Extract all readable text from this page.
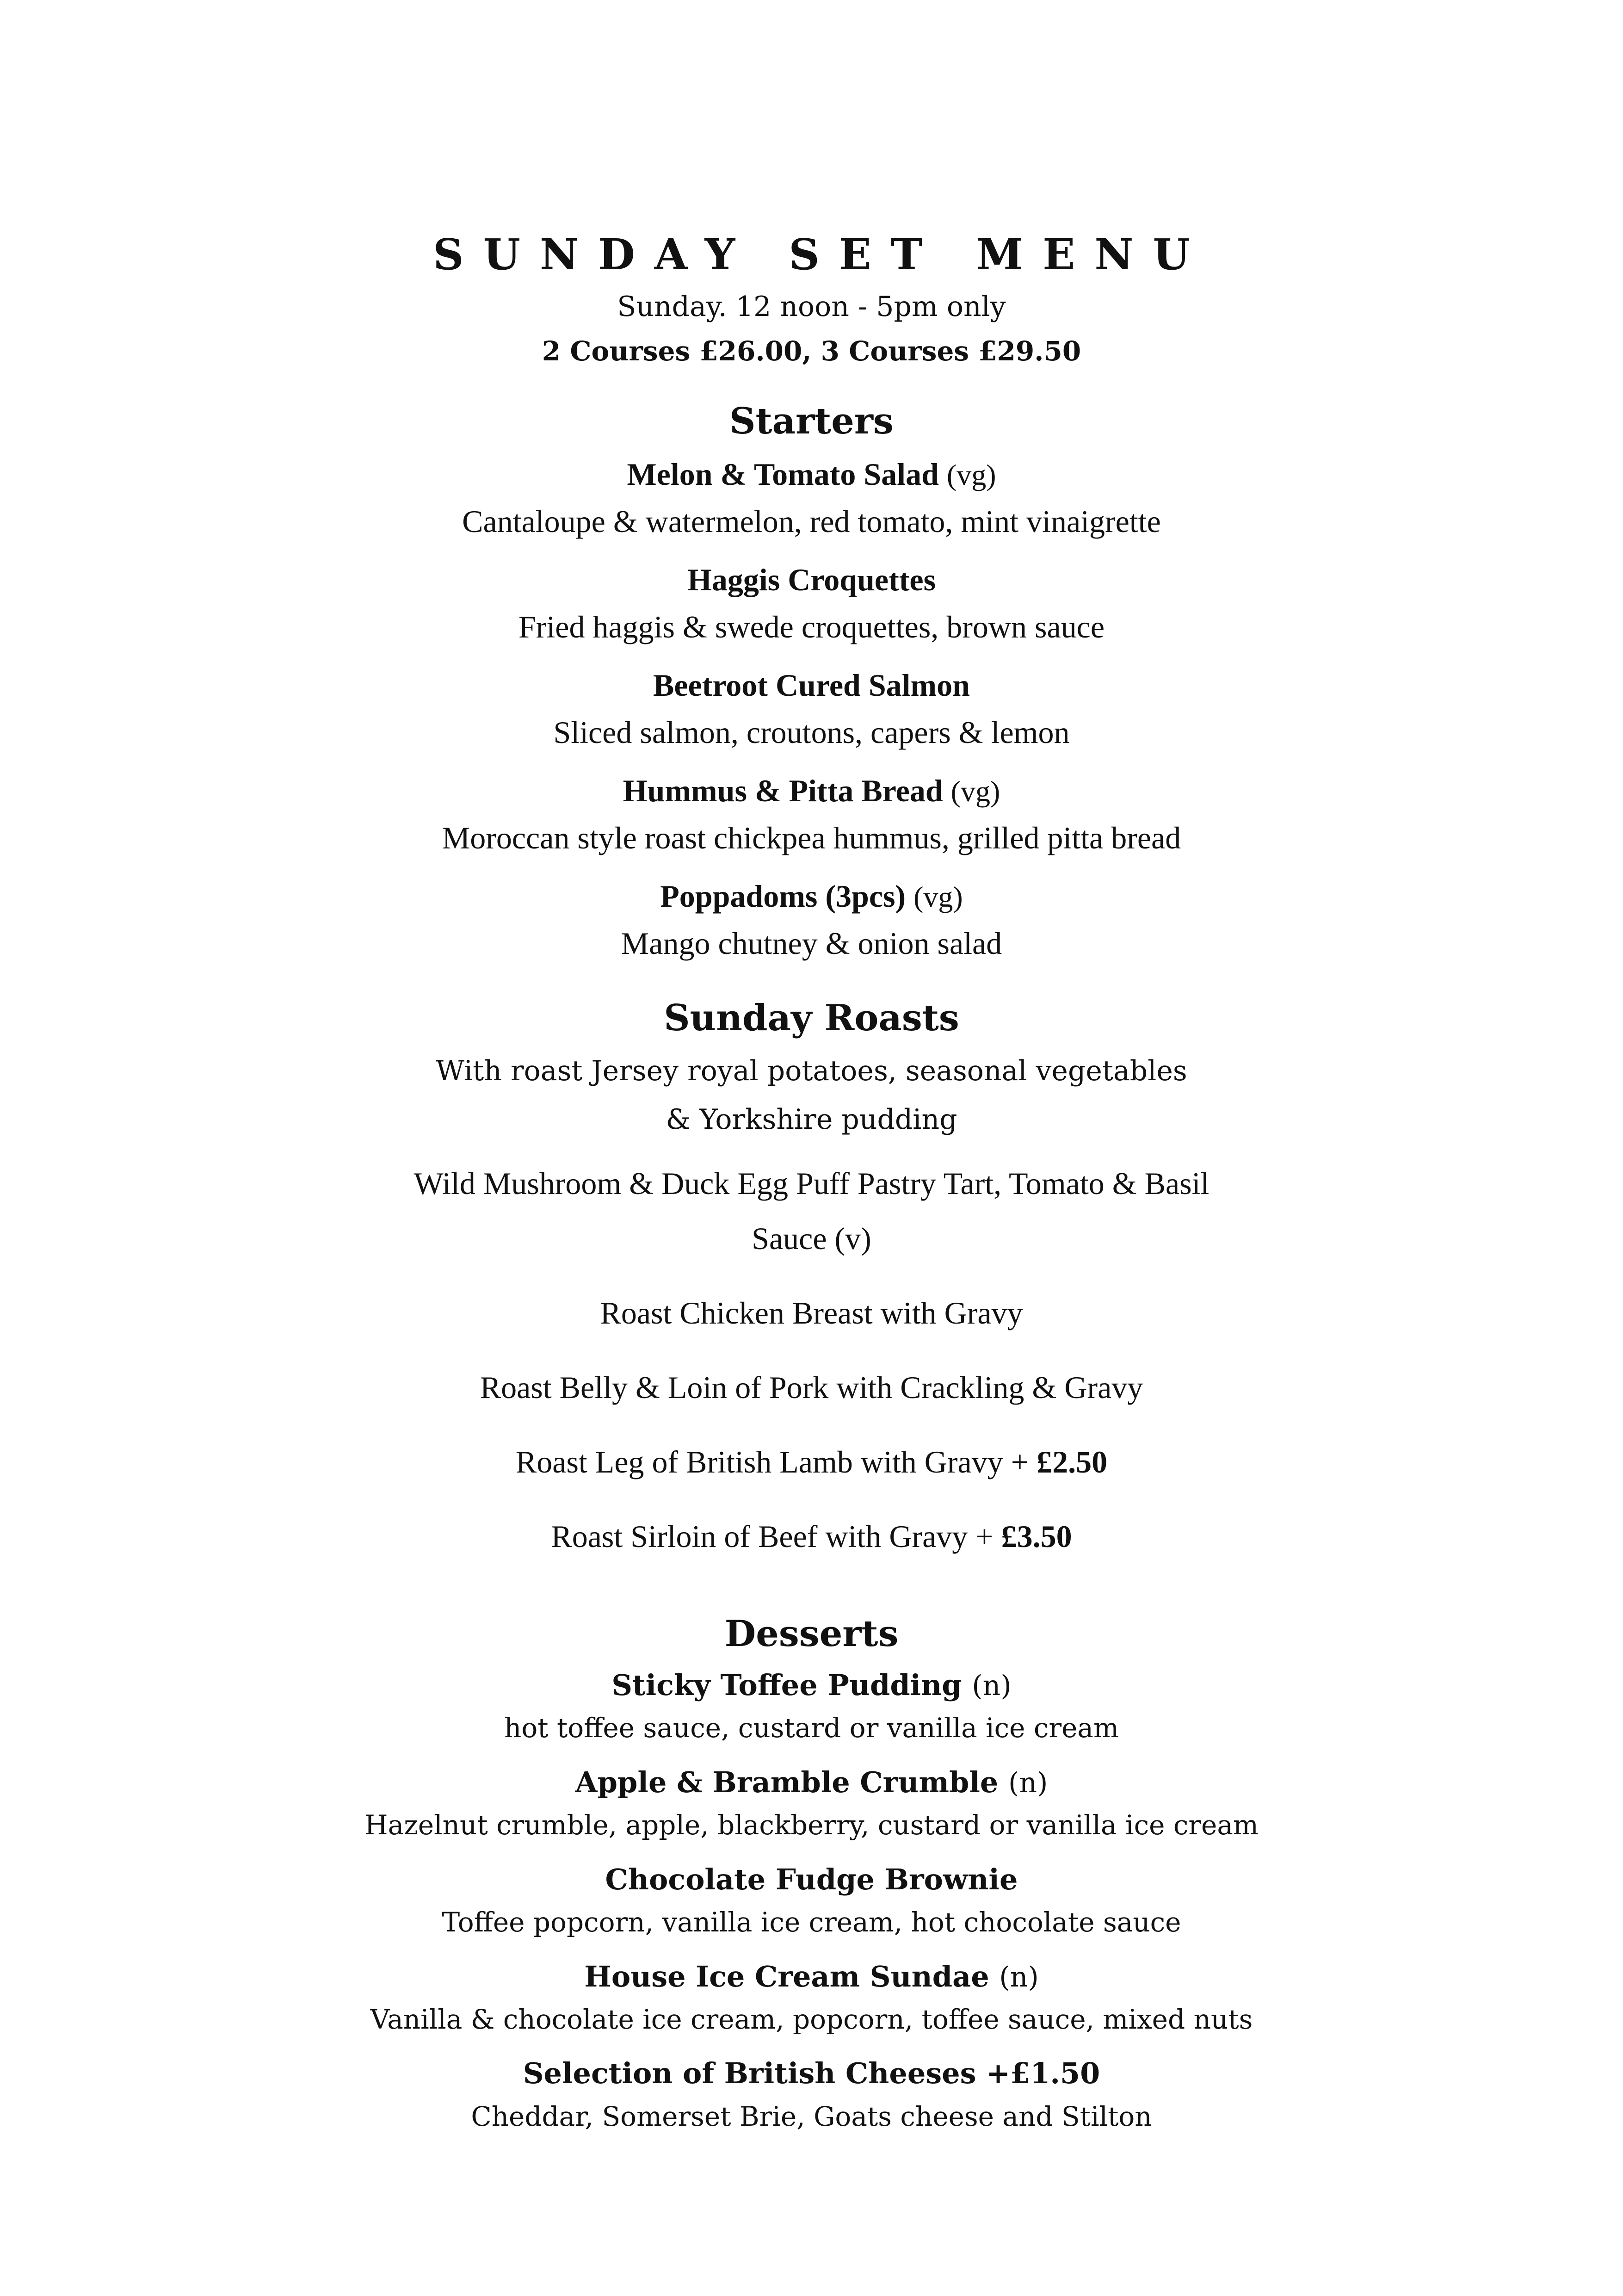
SUNDAY SET MENU
Sunday. 12 noon - 5pm only
2 Courses £26.00, 3 Courses £29.50
Starters
Melon & Tomato Salad (vg)
Cantaloupe & watermelon, red tomato, mint vinaigrette
Haggis Croquettes
Fried haggis & swede croquettes, brown sauce
Beetroot Cured Salmon
Sliced salmon, croutons, capers & lemon
Hummus & Pitta Bread (vg)
Moroccan style roast chickpea hummus, grilled pitta bread
Poppadoms (3pcs) (vg)
Mango chutney & onion salad
Sunday Roasts
With roast Jersey royal potatoes, seasonal vegetables
& Yorkshire pudding
Wild Mushroom & Duck Egg Puff Pastry Tart, Tomato & Basil Sauce (v)
Roast Chicken Breast with Gravy
Roast Belly & Loin of Pork with Crackling & Gravy
Roast Leg of British Lamb with Gravy + £2.50
Roast Sirloin of Beef with Gravy + £3.50
Desserts
Sticky Toffee Pudding (n)
hot toffee sauce, custard or vanilla ice cream
Apple & Bramble Crumble (n)
Hazelnut crumble, apple, blackberry, custard or vanilla ice cream
Chocolate Fudge Brownie
Toffee popcorn, vanilla ice cream, hot chocolate sauce
House Ice Cream Sundae (n)
Vanilla & chocolate ice cream, popcorn, toffee sauce, mixed nuts
Selection of British Cheeses +£1.50
Cheddar, Somerset Brie, Goats cheese and Stilton
